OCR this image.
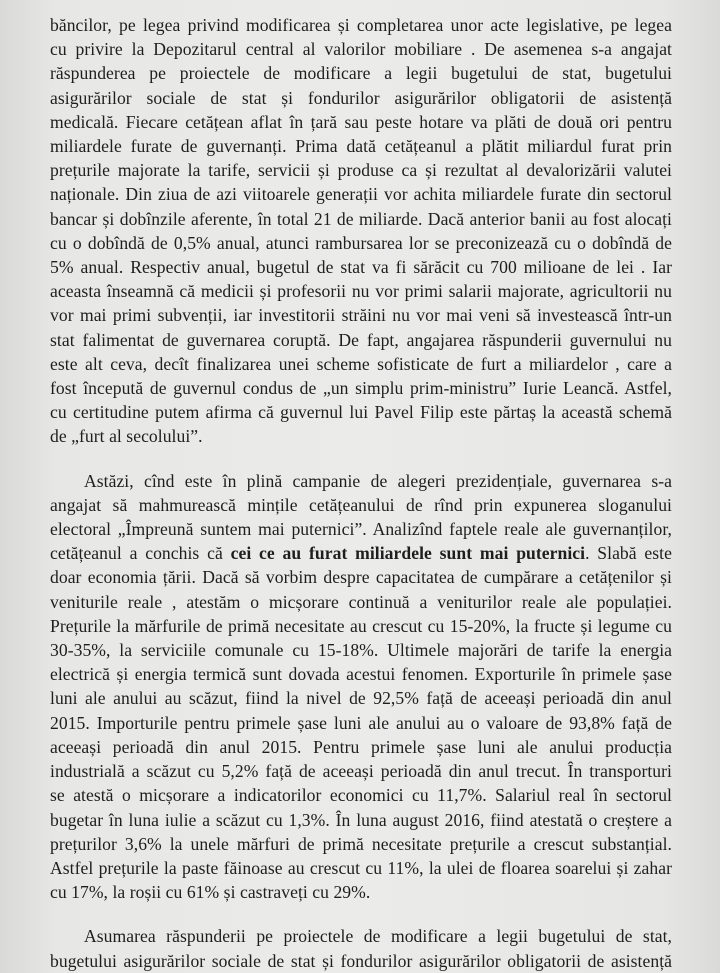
băncilor, pe legea privind modificarea și completarea unor acte legislative, pe legea
cu privire la Depozitarul central al valorilor mobiliare . De asemenea s-a angajat
răspunderea pe proiectele de modificare a legii bugetului de stat, bugetului
asigurărilor sociale de stat și fondurilor asigurărilor obligatorii de asistență
medicală. Fiecare cetățean aflat în țară sau peste hotare va plăti de două ori pentru
miliardele furate de guvernanți. Prima dată cetățeanul a plătit miliardul furat prin
prețurile majorate la tarife, servicii și produse ca și rezultat al devalorizării valutei
naționale. Din ziua de azi viitoarele generații vor achita miliardele furate din sectorul
bancar și dobînzile aferente, în total 21 de miliarde. Dacă anterior banii au fost alocați
cu o dobîndă de 0,5% anual, atunci rambursarea lor se preconizează cu o dobîndă de
5% anual. Respectiv anual, bugetul de stat va fi sărăcit cu 700 milioane de lei . Iar
aceasta înseamnă că medicii și profesorii nu vor primi salarii majorate, agricultorii nu
vor mai primi subvenții, iar investitorii străini nu vor mai veni să investească într-un
stat falimentat de guvernarea coruptă. De fapt, angajarea răspunderii guvernului nu
este alt ceva, decît finalizarea unei scheme sofisticate de furt a miliardelor , care a
fost începută de guvernul condus de „un simplu prim-ministru” Iurie Leancă. Astfel,
cu certitudine putem afirma că guvernul lui Pavel Filip este părtaș la această schemă
de „furt al secolului”.

Astăzi, cînd este în plină campanie de alegeri prezidențiale, guvernarea s-a
angajat să mahmurească mințile cetățeanului de rînd prin expunerea sloganului
electoral „Împreună suntem mai puternici”. Analizînd faptele reale ale guvernanților,
cetățeanul a conchis că cei ce au furat miliardele sunt mai puternici. Slabă este
doar economia țării. Dacă să vorbim despre capacitatea de cumpărare a cetățenilor și
veniturile reale , atestăm o micșorare continuă a veniturilor reale ale populației.
Prețurile la mărfurile de primă necesitate au crescut cu 15-20%, la fructe și legume cu
30-35%, la serviciile comunale cu 15-18%. Ultimele majorări de tarife la energia
electrică și energia termică sunt dovada acestui fenomen. Exporturile în primele șase
luni ale anului au scăzut, fiind la nivel de 92,5% față de aceeași perioadă din anul
2015. Importurile pentru primele șase luni ale anului au o valoare de 93,8% față de
aceeași perioadă din anul 2015. Pentru primele șase luni ale anului producția
industrială a scăzut cu 5,2% față de aceeași perioadă din anul trecut. În transporturi
se atestă o micșorare a indicatorilor economici cu 11,7%. Salariul real în sectorul
bugetar în luna iulie a scăzut cu 1,3%. În luna august 2016, fiind atestată o creștere a
prețurilor 3,6% la unele mărfuri de primă necesitate prețurile a crescut substanțial.
Astfel prețurile la paste făinoase au crescut cu 11%, la ulei de floarea soarelui și zahar
cu 17%, la roșii cu 61% și castraveți cu 29%.

Asumarea răspunderii pe proiectele de modificare a legii bugetului de stat,
bugetului asigurărilor sociale de stat și fondurilor asigurărilor obligatorii de asistență
